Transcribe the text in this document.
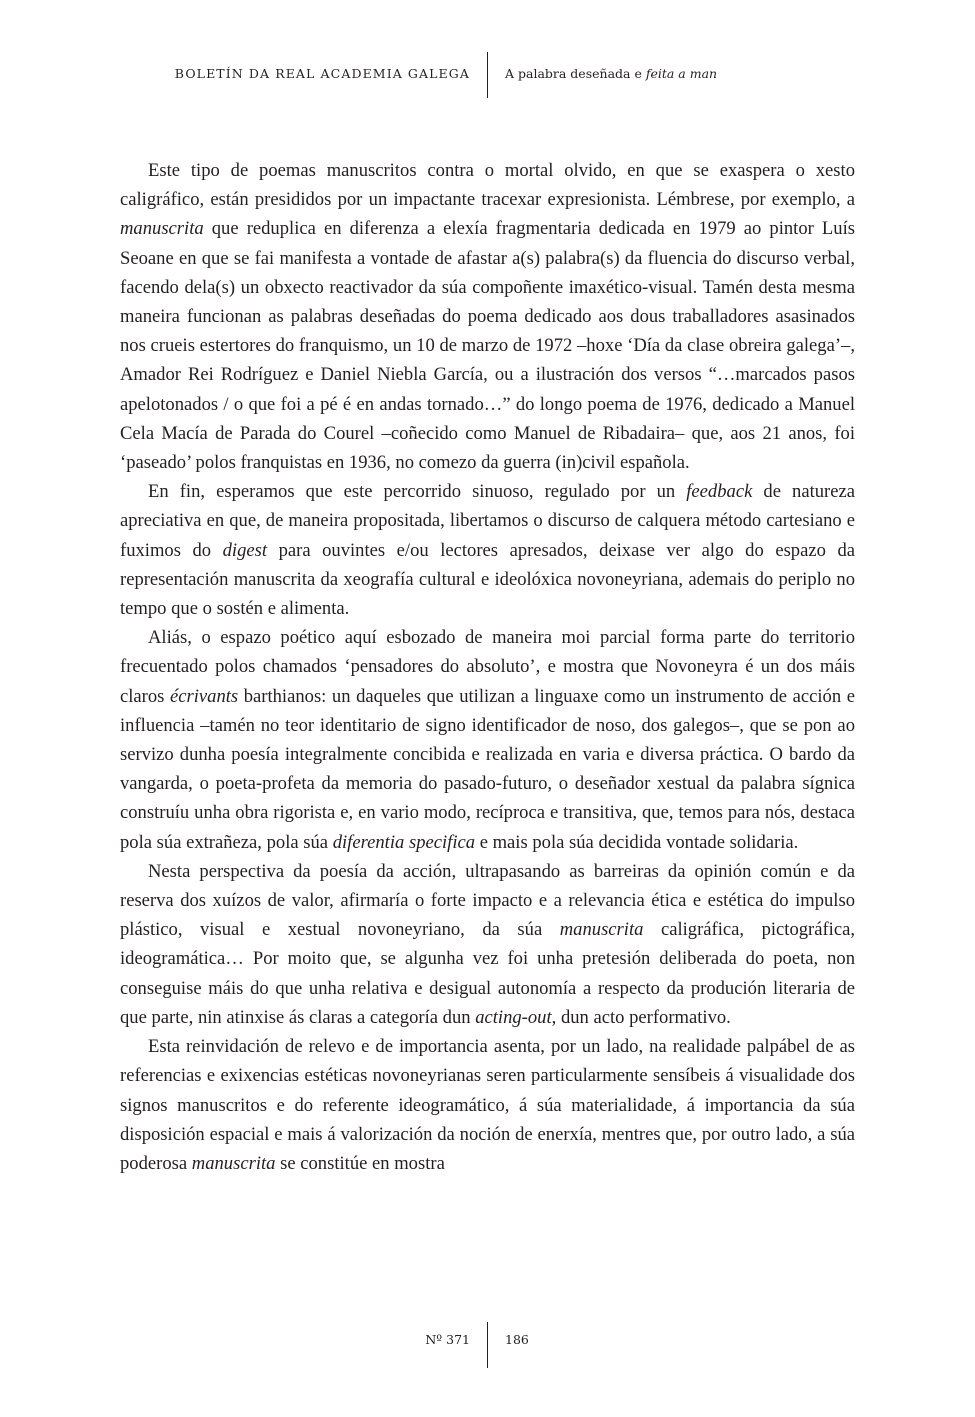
BOLETÍN DA REAL ACADEMIA GALEGA	A palabra deseñada e feita a man

Este tipo de poemas manuscritos contra o mortal olvido, en que se exaspera o xesto caligráfico, están presididos por un impactante tracexar expresionista. Lémbrese, por exemplo, a manuscrita que reduplica en diferenza a elexía fragmentaria dedicada en 1979 ao pintor Luís Seoane en que se fai manifesta a vontade de afastar a(s) palabra(s) da fluencia do discurso verbal, facendo dela(s) un obxecto reactivador da súa compoñente imaxético-visual. Tamén desta mesma maneira funcionan as palabras deseñadas do poema dedicado aos dous traballadores asasinados nos crueis estertores do franquismo, un 10 de marzo de 1972 –hoxe ‘Día da clase obreira galega’–, Amador Rei Rodríguez e Daniel Niebla García, ou a ilustración dos versos “…marcados pasos apelotonados / o que foi a pé é en andas tornado…” do longo poema de 1976, dedicado a Manuel Cela Macía de Parada do Courel –coñecido como Manuel de Ribadaira– que, aos 21 anos, foi ‘paseado’ polos franquistas en 1936, no comezo da guerra (in)civil española.

En fin, esperamos que este percorrido sinuoso, regulado por un feedback de natureza apreciativa en que, de maneira propositada, libertamos o discurso de calquera método cartesiano e fuximos do digest para ouvintes e/ou lectores apresados, deixase ver algo do espazo da representación manuscrita da xeografía cultural e ideolóxica novoneyriana, ademais do periplo no tempo que o sostén e alimenta.

Aliás, o espazo poético aquí esbozado de maneira moi parcial forma parte do territorio frecuentado polos chamados ‘pensadores do absoluto’, e mostra que Novoneyra é un dos máis claros écrivants barthianos: un daqueles que utilizan a linguaxe como un instrumento de acción e influencia –tamén no teor identitario de signo identificador de noso, dos galegos–, que se pon ao servizo dunha poesía integralmente concibida e realizada en varia e diversa práctica. O bardo da vangarda, o poeta-profeta da memoria do pasado-futuro, o deseñador xestual da palabra sígnica construíu unha obra rigorista e, en vario modo, recíproca e transitiva, que, temos para nós, destaca pola súa extrañeza, pola súa diferentia specifica e mais pola súa decidida vontade solidaria.

Nesta perspectiva da poesía da acción, ultrapasando as barreiras da opinión común e da reserva dos xuízos de valor, afirmaría o forte impacto e a relevancia ética e estética do impulso plástico, visual e xestual novoneyriano, da súa manuscrita caligráfica, pictográfica, ideogramática… Por moito que, se algunha vez foi unha pretesión deliberada do poeta, non conseguise máis do que unha relativa e desigual autonomía a respecto da produción literaria de que parte, nin atinxise ás claras a categoría dun acting-out, dun acto performativo.

Esta reinvidación de relevo e de importancia asenta, por un lado, na realidade palpábel de as referencias e exixencias estéticas novoneyrianas seren particularmente sensíbeis á visualidade dos signos manuscritos e do referente ideogramático, á súa materialidade, á importancia da súa disposición espacial e mais á valorización da noción de enerxía, mentres que, por outro lado, a súa poderosa manuscrita se constitúe en mostra

Nº 371	186
